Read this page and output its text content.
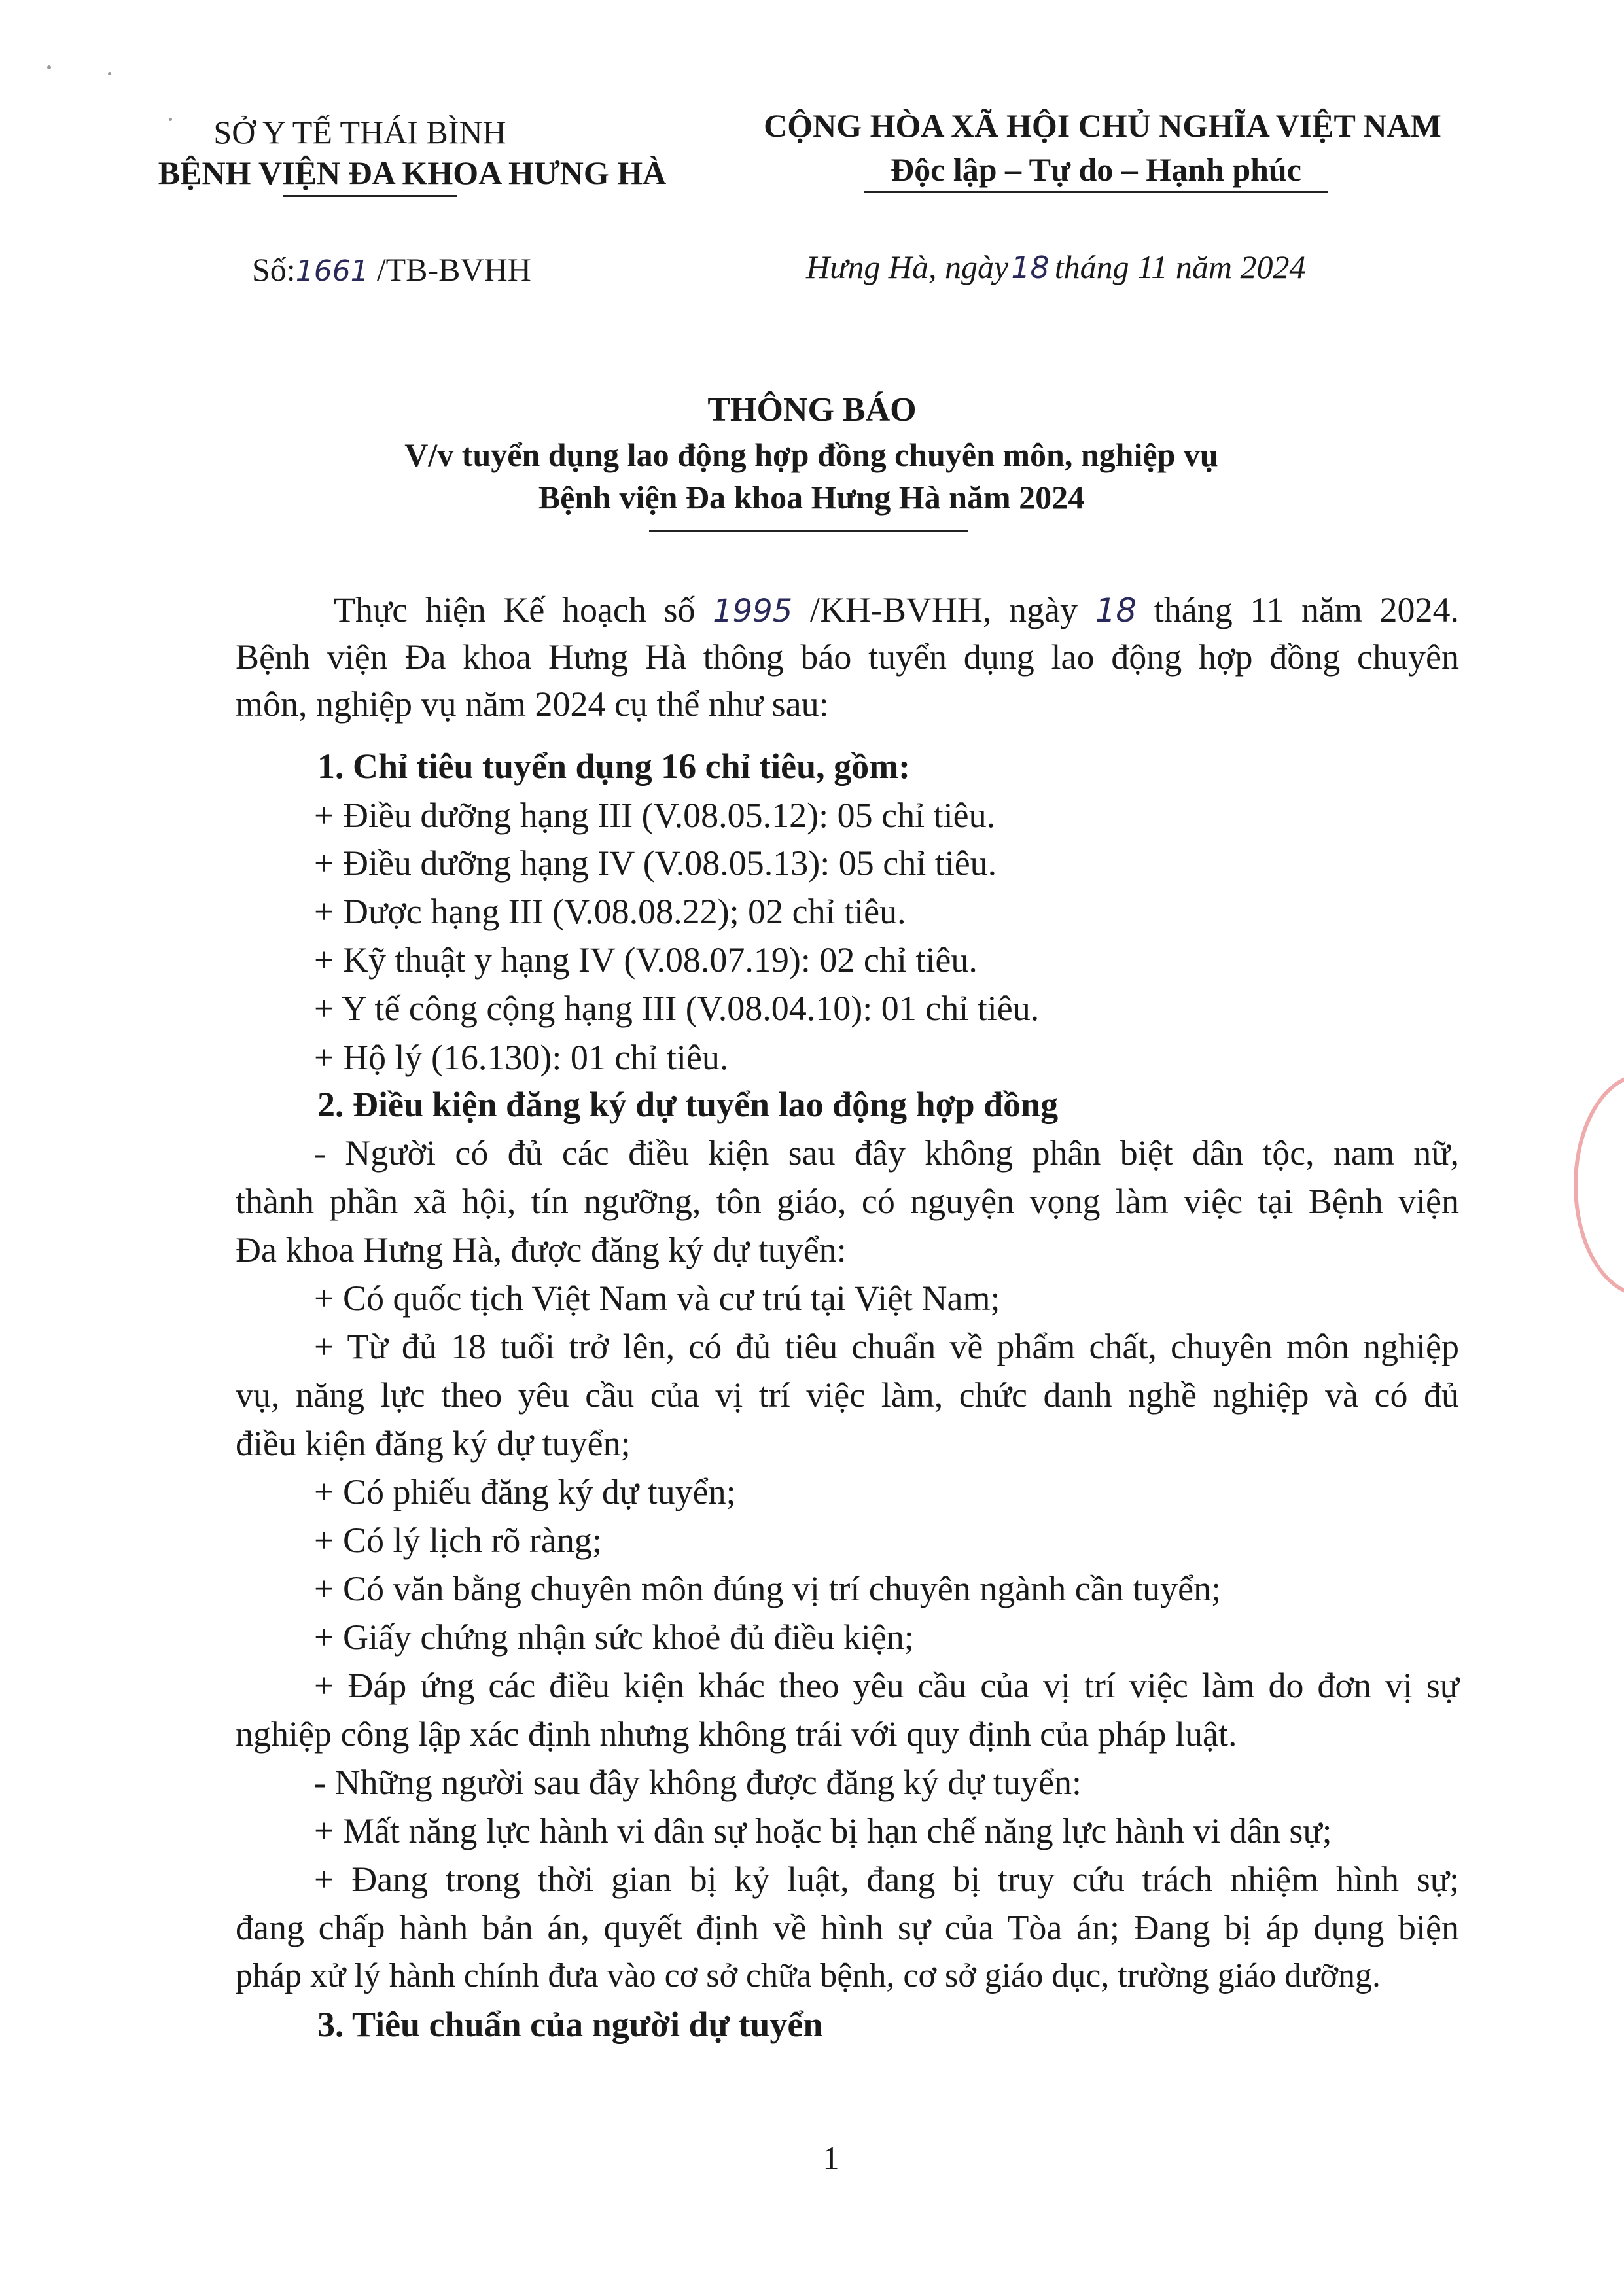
SỞ Y TẾ THÁI BÌNH
BỆNH VIỆN ĐA KHOA HƯNG HÀ
CỘNG HÒA XÃ HỘI CHỦ NGHĨA VIỆT NAM
Độc lập – Tự do – Hạnh phúc
Số:1661 /TB-BVHH	Hưng Hà, ngày18 tháng 11 năm 2024
THÔNG BÁO
V/v tuyển dụng lao động hợp đồng chuyên môn, nghiệp vụ
Bệnh viện Đa khoa Hưng Hà năm 2024
Thực hiện Kế hoạch số 1995 /KH-BVHH, ngày 18 tháng 11 năm 2024.
Bệnh viện Đa khoa Hưng Hà thông báo tuyển dụng lao động hợp đồng chuyên
môn, nghiệp vụ năm 2024 cụ thể như sau:
1. Chỉ tiêu tuyển dụng 16 chỉ tiêu, gồm:
+ Điều dưỡng hạng III (V.08.05.12): 05 chỉ tiêu.
+ Điều dưỡng hạng IV (V.08.05.13): 05 chỉ tiêu.
+ Dược hạng III (V.08.08.22); 02 chỉ tiêu.
+ Kỹ thuật y hạng IV (V.08.07.19): 02 chỉ tiêu.
+ Y tế công cộng hạng III (V.08.04.10): 01 chỉ tiêu.
+ Hộ lý (16.130): 01 chỉ tiêu.
2. Điều kiện đăng ký dự tuyển lao động hợp đồng
- Người có đủ các điều kiện sau đây không phân biệt dân tộc, nam nữ,
thành phần xã hội, tín ngưỡng, tôn giáo, có nguyện vọng làm việc tại Bệnh viện
Đa khoa Hưng Hà, được đăng ký dự tuyển:
+ Có quốc tịch Việt Nam và cư trú tại Việt Nam;
+ Từ đủ 18 tuổi trở lên, có đủ tiêu chuẩn về phẩm chất, chuyên môn nghiệp
vụ, năng lực theo yêu cầu của vị trí việc làm, chức danh nghề nghiệp và có đủ
điều kiện đăng ký dự tuyển;
+ Có phiếu đăng ký dự tuyển;
+ Có lý lịch rõ ràng;
+ Có văn bằng chuyên môn đúng vị trí chuyên ngành cần tuyển;
+ Giấy chứng nhận sức khoẻ đủ điều kiện;
+ Đáp ứng các điều kiện khác theo yêu cầu của vị trí việc làm do đơn vị sự
nghiệp công lập xác định nhưng không trái với quy định của pháp luật.
- Những người sau đây không được đăng ký dự tuyển:
+ Mất năng lực hành vi dân sự hoặc bị hạn chế năng lực hành vi dân sự;
+ Đang trong thời gian bị kỷ luật, đang bị truy cứu trách nhiệm hình sự;
đang chấp hành bản án, quyết định về hình sự của Tòa án; Đang bị áp dụng biện
pháp xử lý hành chính đưa vào cơ sở chữa bệnh, cơ sở giáo dục, trường giáo dưỡng.
3. Tiêu chuẩn của người dự tuyển
1
